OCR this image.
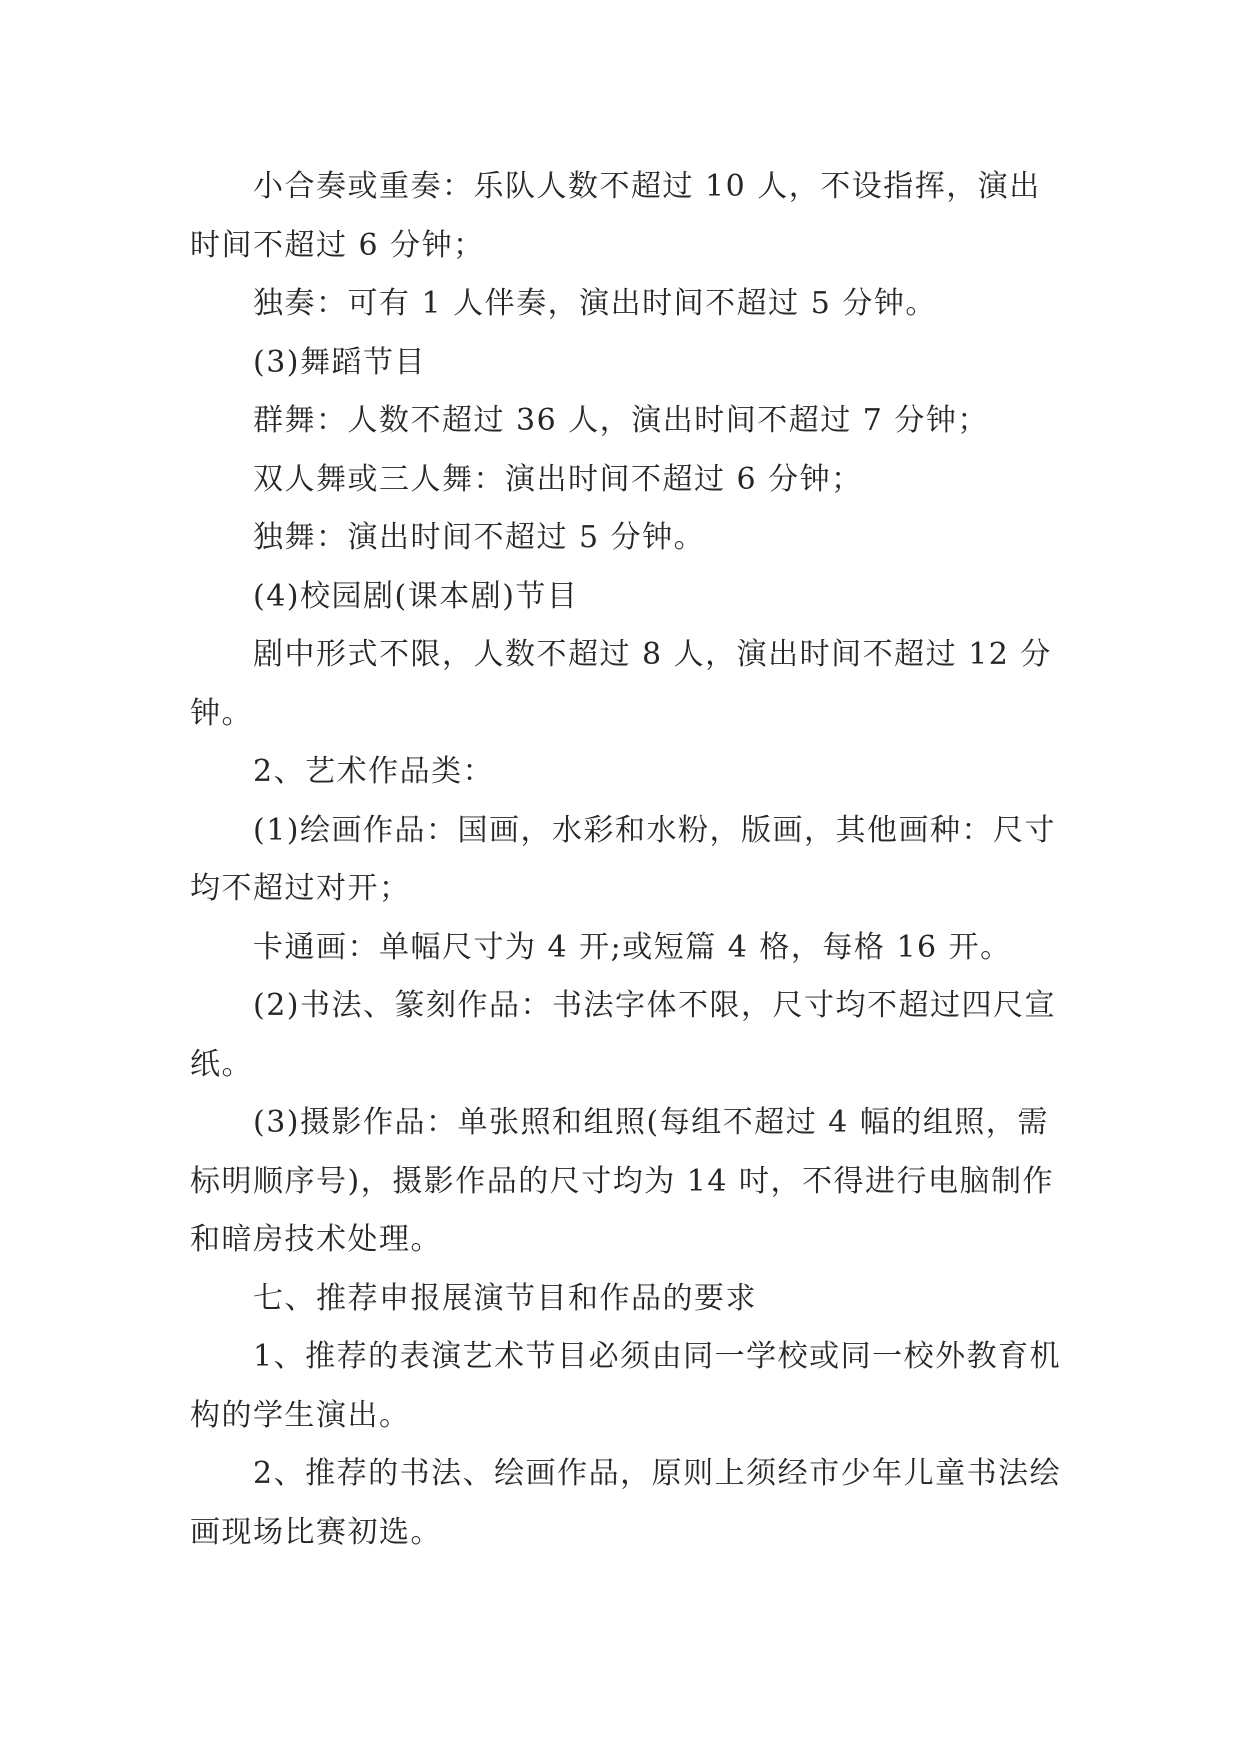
小合奏或重奏：乐队人数不超过 10 人，不设指挥，演出时间不超过 6 分钟；

独奏：可有 1 人伴奏，演出时间不超过 5 分钟。

(3)舞蹈节目

群舞：人数不超过 36 人，演出时间不超过 7 分钟；

双人舞或三人舞：演出时间不超过 6 分钟；

独舞：演出时间不超过 5 分钟。

(4)校园剧(课本剧)节目

剧中形式不限，人数不超过 8 人，演出时间不超过 12 分钟。

2、艺术作品类：

(1)绘画作品：国画，水彩和水粉，版画，其他画种：尺寸均不超过对开；

卡通画：单幅尺寸为 4 开;或短篇 4 格，每格 16 开。

(2)书法、篆刻作品：书法字体不限，尺寸均不超过四尺宣纸。

(3)摄影作品：单张照和组照(每组不超过 4 幅的组照，需标明顺序号)，摄影作品的尺寸均为 14 吋，不得进行电脑制作和暗房技术处理。

七、推荐申报展演节目和作品的要求

1、推荐的表演艺术节目必须由同一学校或同一校外教育机构的学生演出。

2、推荐的书法、绘画作品，原则上须经市少年儿童书法绘画现场比赛初选。
